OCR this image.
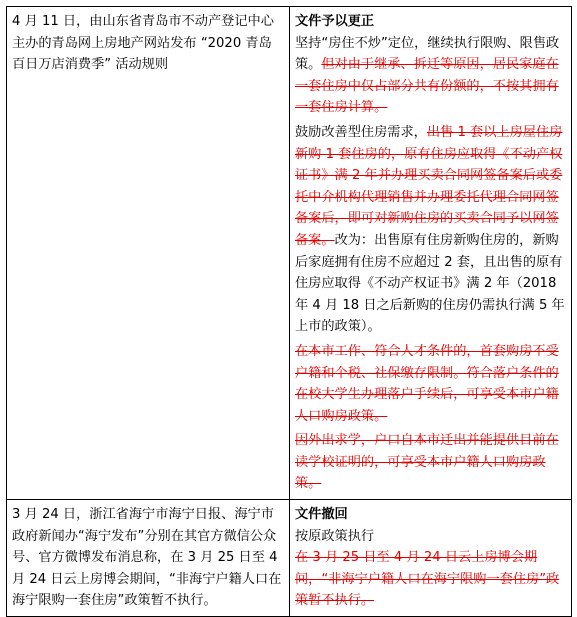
4 月 11 日，由山东省青岛市不动产登记中心主办的青岛网上房地产网站发布 “2020 青岛百日万店消费季” 活动规则	文件予以更正

坚持“房住不炒”定位，继续执行限购、限售政策。但对由于继承、拆迁等原因，居民家庭在一套住房中仅占部分共有份额的，不按其拥有一套住房计算。

鼓励改善型住房需求，出售 1 套以上房屋住房新购 1 套住房的，原有住房应取得《不动产权证书》满 2 年并办理买卖合同网签备案后或委托中介机构代理销售并办理委托代理合同网签备案后，即可对新购住房的买卖合同予以网签备案。改为：出售原有住房新购住房的，新购后家庭拥有住房不应超过 2 套，且出售的原有住房应取得《不动产权证书》满 2 年（2018 年 4 月 18 日之后新购的住房仍需执行满 5 年上市的政策）。

在本市工作、符合人才条件的，首套购房不受户籍和个税、社保缴存限制。符合落户条件的在校大学生办理落户手续后，可享受本市户籍人口购房政策。

因外出求学，户口自本市迁出并能提供目前在读学校证明的，可享受本市户籍人口购房政策。

3 月 24 日，浙江省海宁市海宁日报、海宁市政府新闻办“海宁发布”分别在其官方微信公众号、官方微博发布消息称，在 3 月 25 日至 4 月 24 日云上房博会期间，“非海宁户籍人口在海宁限购一套住房”政策暂不执行。	文件撤回

按原政策执行

在 3 月 25 日至 4 月 24 日云上房博会期间，“非海宁户籍人口在海宁限购一套住房”政策暂不执行。
